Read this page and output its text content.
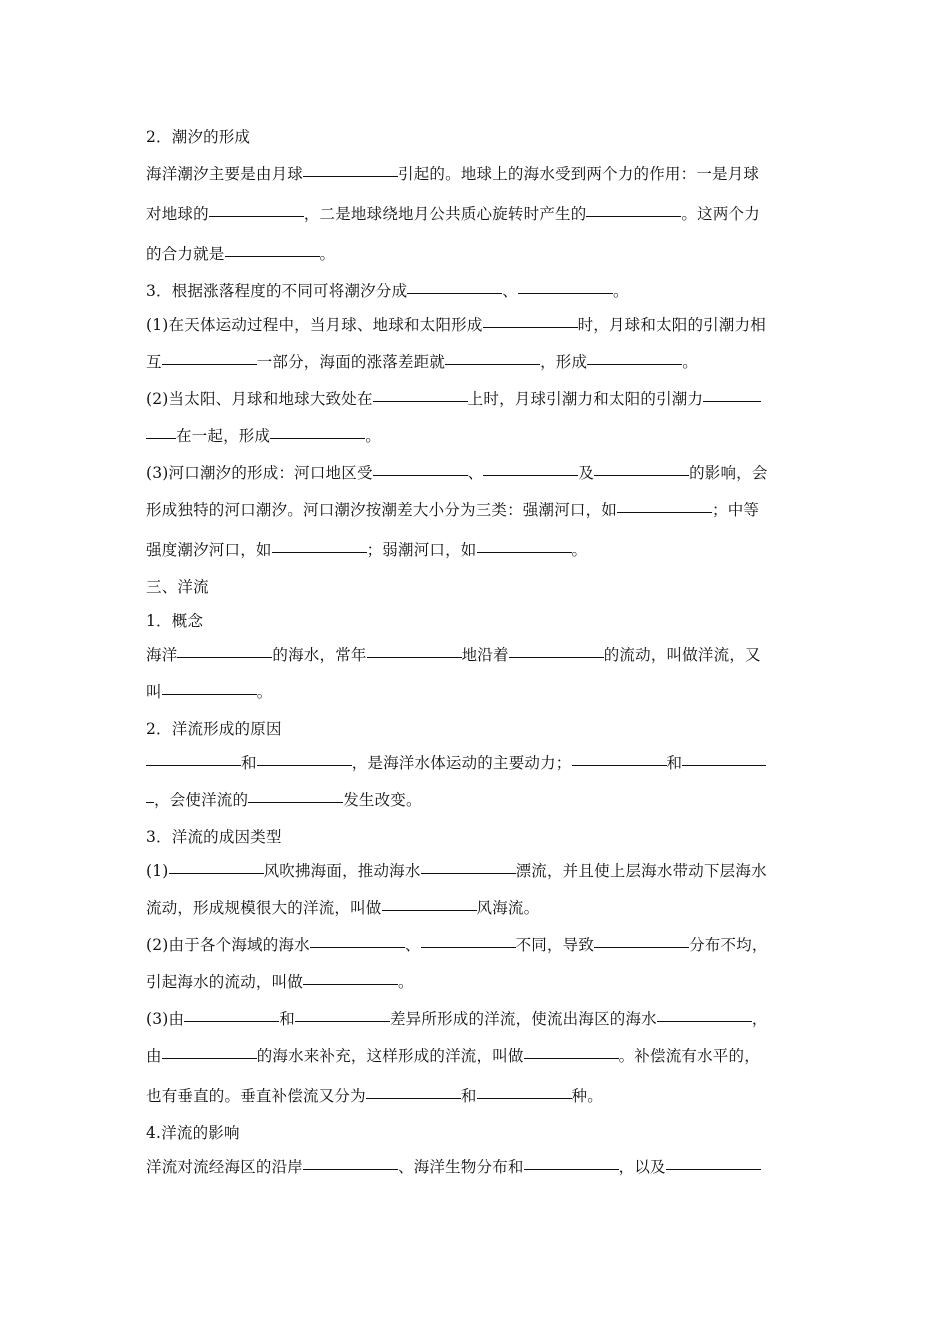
2．潮汐的形成
海洋潮汐主要是由月球	引起的。地球上的海水受到两个力的作用：一是月球
对地球的	，二是地球绕地月公共质心旋转时产生的	。这两个力
的合力就是	。
3．根据涨落程度的不同可将潮汐分成	、	。
(1)在天体运动过程中，当月球、地球和太阳形成	时，月球和太阳的引潮力相
互	一部分，海面的涨落差距就	，形成	。
(2)当太阳、月球和地球大致处在	上时，月球引潮力和太阳的引潮力
在一起，形成	。
(3)河口潮汐的形成：河口地区受	、	及	的影响，会
形成独特的河口潮汐。河口潮汐按潮差大小分为三类：强潮河口，如	；中等
强度潮汐河口，如	；弱潮河口，如	。
三、洋流
1．概念
海洋	的海水，常年	地沿着	的流动，叫做洋流，又
叫	。
2．洋流形成的原因
和	，是海洋水体运动的主要动力；	和
，会使洋流的	发生改变。
3．洋流的成因类型
(1)	风吹拂海面，推动海水	漂流，并且使上层海水带动下层海水
流动，形成规模很大的洋流，叫做	风海流。
(2)由于各个海域的海水	、	不同，导致	分布不均，
引起海水的流动，叫做	。
(3)由	和	差异所形成的洋流，使流出海区的海水	，
由	的海水来补充，这样形成的洋流，叫做	。补偿流有水平的，
也有垂直的。垂直补偿流又分为	和	种。
4.洋流的影响
洋流对流经海区的沿岸	、海洋生物分布和	，以及
